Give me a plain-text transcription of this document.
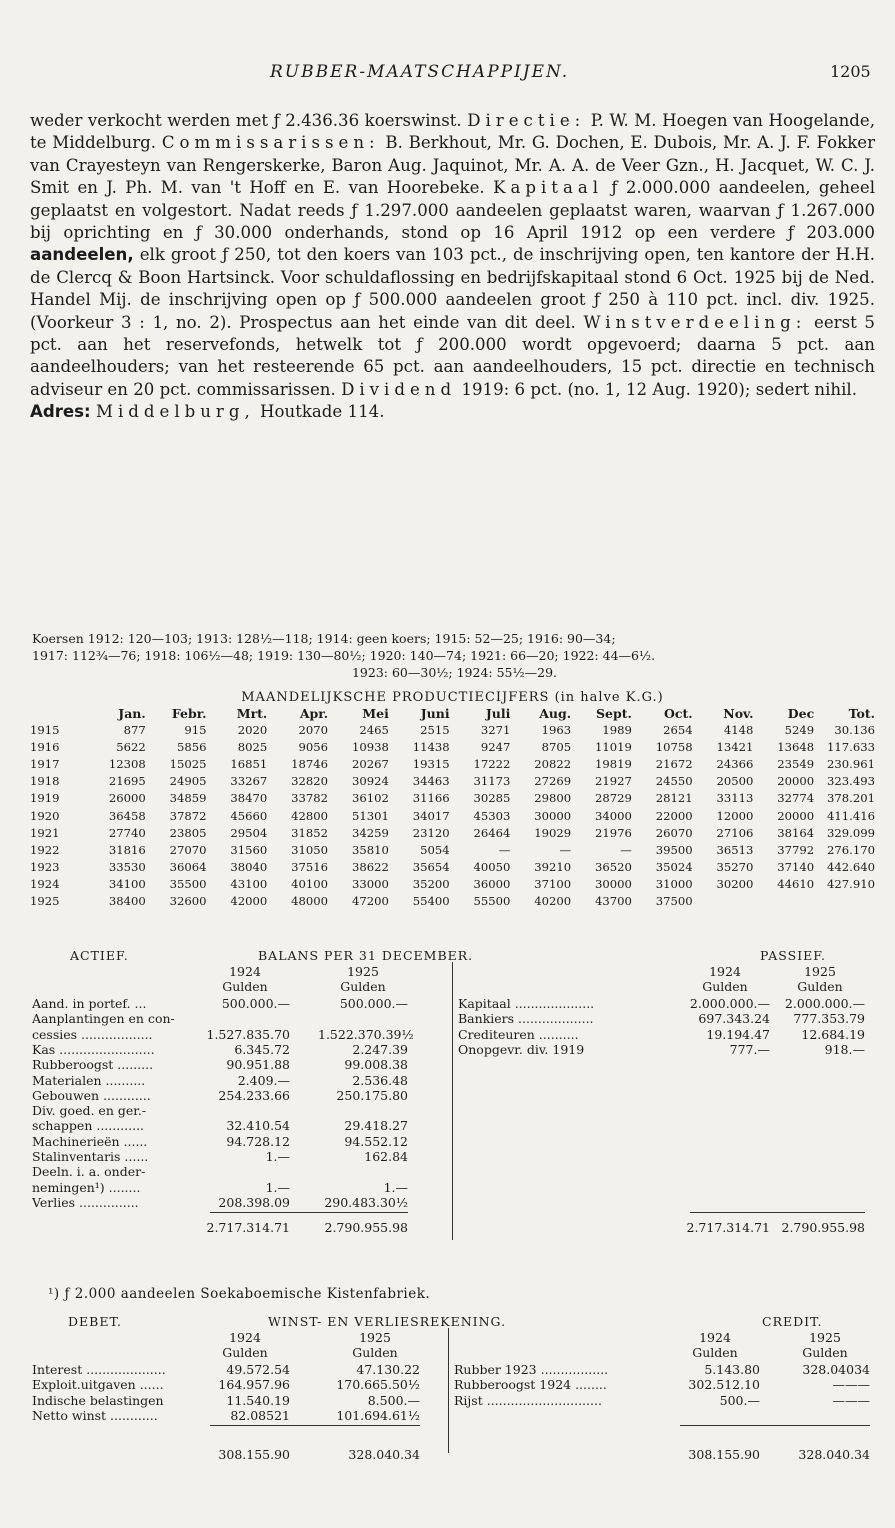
RUBBER-MAATSCHAPPIJEN.	1205

weder verkocht werden met ƒ 2.436.36 koerswinst. Directie: P. W. M. Hoegen van Hoogelande, te Middelburg. Commissarissen: B. Berkhout, Mr. G. Dochen, E. Dubois, Mr. A. J. F. Fokker van Crayesteyn van Rengerskerke, Baron Aug. Jaquinot, Mr. A. A. de Veer Gzn., H. Jacquet, W. C. J. Smit en J. Ph. M. van 't Hoff en E. van Hoorebeke. Kapitaal ƒ 2.000.000 aandeelen, geheel geplaatst en volgestort. Nadat reeds ƒ 1.297.000 aandeelen geplaatst waren, waarvan ƒ 1.267.000 bij oprichting en ƒ 30.000 onderhands, stond op 16 April 1912 op een verdere ƒ 203.000 aandeelen, elk groot ƒ 250, tot den koers van 103 pct., de inschrijving open, ten kantore der H.H. de Clercq & Boon Hartsinck. Voor schuldaflossing en bedrijfskapitaal stond 6 Oct. 1925 bij de Ned. Handel Mij. de inschrijving open op ƒ 500.000 aandeelen groot ƒ 250 à 110 pct. incl. div. 1925. (Voorkeur 3 : 1, no. 2). Prospectus aan het einde van dit deel. Winstverdeeling: eerst 5 pct. aan het reservefonds, hetwelk tot ƒ 200.000 wordt opgevoerd; daarna 5 pct. aan aandeelhouders; van het resteerende 65 pct. aan aandeelhouders, 15 pct. directie en technisch adviseur en 20 pct. commissarissen. Dividend 1919: 6 pct. (no. 1, 12 Aug. 1920); sedert nihil.
Adres: Middelburg, Houtkade 114.

Koersen 1912: 120—103; 1913: 128½—118; 1914: geen koers; 1915: 52—25; 1916: 90—34;

1917: 112¾—76; 1918: 106½—48; 1919: 130—80½; 1920: 140—74; 1921: 66—20; 1922: 44—6½.

1923: 60—30½; 1924: 55½—29.

MAANDELIJKSCHE PRODUCTIECIJFERS (in halve K.G.)
	Jan.	Febr.	Mrt.	Apr.	Mei	Juni	Juli	Aug.	Sept.	Oct.	Nov.	Dec	Tot.
1915	877	915	2020	2070	2465	2515	3271	1963	1989	2654	4148	5249	30.136
1916	5622	5856	8025	9056	10938	11438	9247	8705	11019	10758	13421	13648	117.633
1917	12308	15025	16851	18746	20267	19315	17222	20822	19819	21672	24366	23549	230.961
1918	21695	24905	33267	32820	30924	34463	31173	27269	21927	24550	20500	20000	323.493
1919	26000	34859	38470	33782	36102	31166	30285	29800	28729	28121	33113	32774	378.201
1920	36458	37872	45660	42800	51301	34017	45303	30000	34000	22000	12000	20000	411.416
1921	27740	23805	29504	31852	34259	23120	26464	19029	21976	26070	27106	38164	329.099
1922	31816	27070	31560	31050	35810	5054	—	—	—	39500	36513	37792	276.170
1923	33530	36064	38040	37516	38622	35654	40050	39210	36520	35024	35270	37140	442.640
1924	34100	35500	43100	40100	33000	35200	36000	37100	30000	31000	30200	44610	427.910
1925	38400	32600	42000	48000	47200	55400	55500	40200	43700	37500			
ACTIEF.	BALANS PER 31 DECEMBER.	PASSIEF.
1924	1925	1924	1925
Gulden	Gulden	Gulden	Gulden
Aand. in portef. ...	500.000.—	500.000.—
Aanplantingen en con-
cessies ..................	1.527.835.70 1.522.370.39½
Kas ........................	6.345.72	2.247.39
Rubberoogst .........	90.951.88	99.008.38
Materialen ..........	2.409.—	2.536.48
Gebouwen ............	254.233.66	250.175.80
Div. goed. en ger.-
schappen ............	32.410.54	29.418.27
Machinerieën ......	94.728.12	94.552.12
Stalinventaris ......	1.—	162.84
Deeln. i. a. onder-
nemingen¹) ........	1.—	1.—
Verlies ...............	208.398.09	290.483.30½
Kapitaal ....................	2.000.000.—	2.000.000.—
Bankiers ...................	697.343.24	777.353.79
Crediteuren ..........	19.194.47	12.684.19
Onopgevr. div. 1919	777.—	918.—
2.717.314.71	2.790.955.98	2.717.314.71 2.790.955.98
DEBET.	WINST- EN VERLIESREKENING.	CREDIT.
1924	1925	1924	1925
Gulden	Gulden	Gulden	Gulden
Interest ....................	49.572.54	47.130.22
Exploit.uitgaven ......	164.957.96	170.665.50½
Indische belastingen	11.540.19	8.500.—
Netto winst ............	82.08521	101.694.61½
Rubber 1923 .................	5.143.80	328.04034
Rubberoogst 1924 ........	302.512.10	———
Rijst .............................	500.—	———
308.155.90	328.040.34	308.155.90	328.040.34
¹) ƒ 2.000 aandeelen Soekaboemische Kistenfabriek.
